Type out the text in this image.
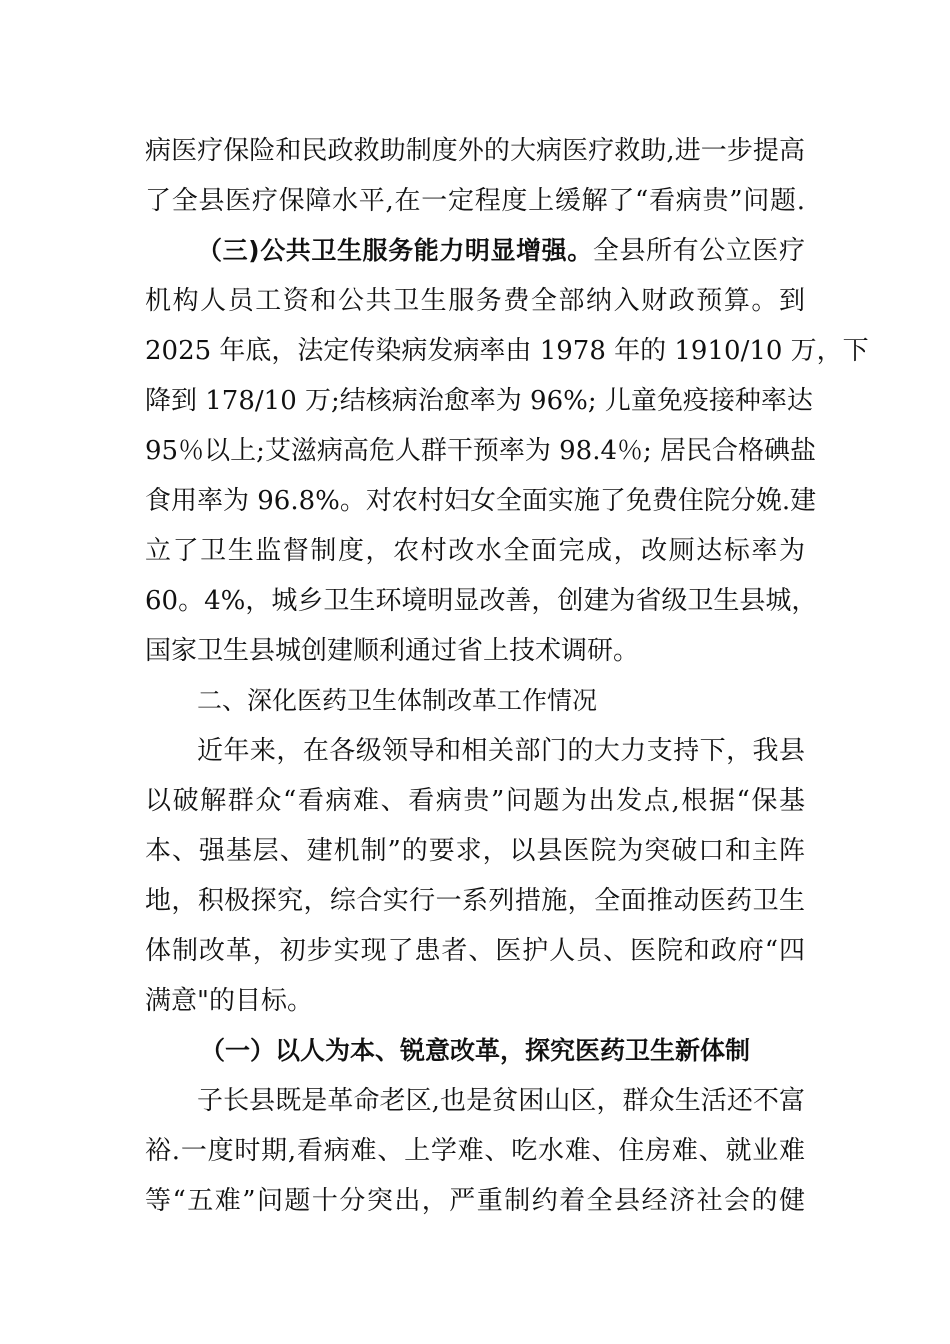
病医疗保险和民政救助制度外的大病医疗救助,进一步提高
了全县医疗保障水平,在一定程度上缓解了“看病贵”问题.
（三)公共卫生服务能力明显增强。全县所有公立医疗
机构人员工资和公共卫生服务费全部纳入财政预算。到
2025 年底，法定传染病发病率由 1978 年的 1910/10 万，下
降到 178/10 万;结核病治愈率为 96%; 儿童免疫接种率达
95％以上;艾滋病高危人群干预率为 98.4％; 居民合格碘盐
食用率为 96.8%。对农村妇女全面实施了免费住院分娩.建
立了卫生监督制度，农村改水全面完成，改厕达标率为
60。4%，城乡卫生环境明显改善，创建为省级卫生县城，
国家卫生县城创建顺利通过省上技术调研。
二、深化医药卫生体制改革工作情况
近年来，在各级领导和相关部门的大力支持下，我县
以破解群众“看病难、看病贵”问题为出发点,根据“保基
本、强基层、建机制”的要求，以县医院为突破口和主阵
地，积极探究，综合实行一系列措施，全面推动医药卫生
体制改革，初步实现了患者、医护人员、医院和政府“四
满意"的目标。
（一）以人为本、锐意改革，探究医药卫生新体制
子长县既是革命老区,也是贫困山区，群众生活还不富
裕.一度时期,看病难、上学难、吃水难、住房难、就业难
等“五难”问题十分突出，严重制约着全县经济社会的健
